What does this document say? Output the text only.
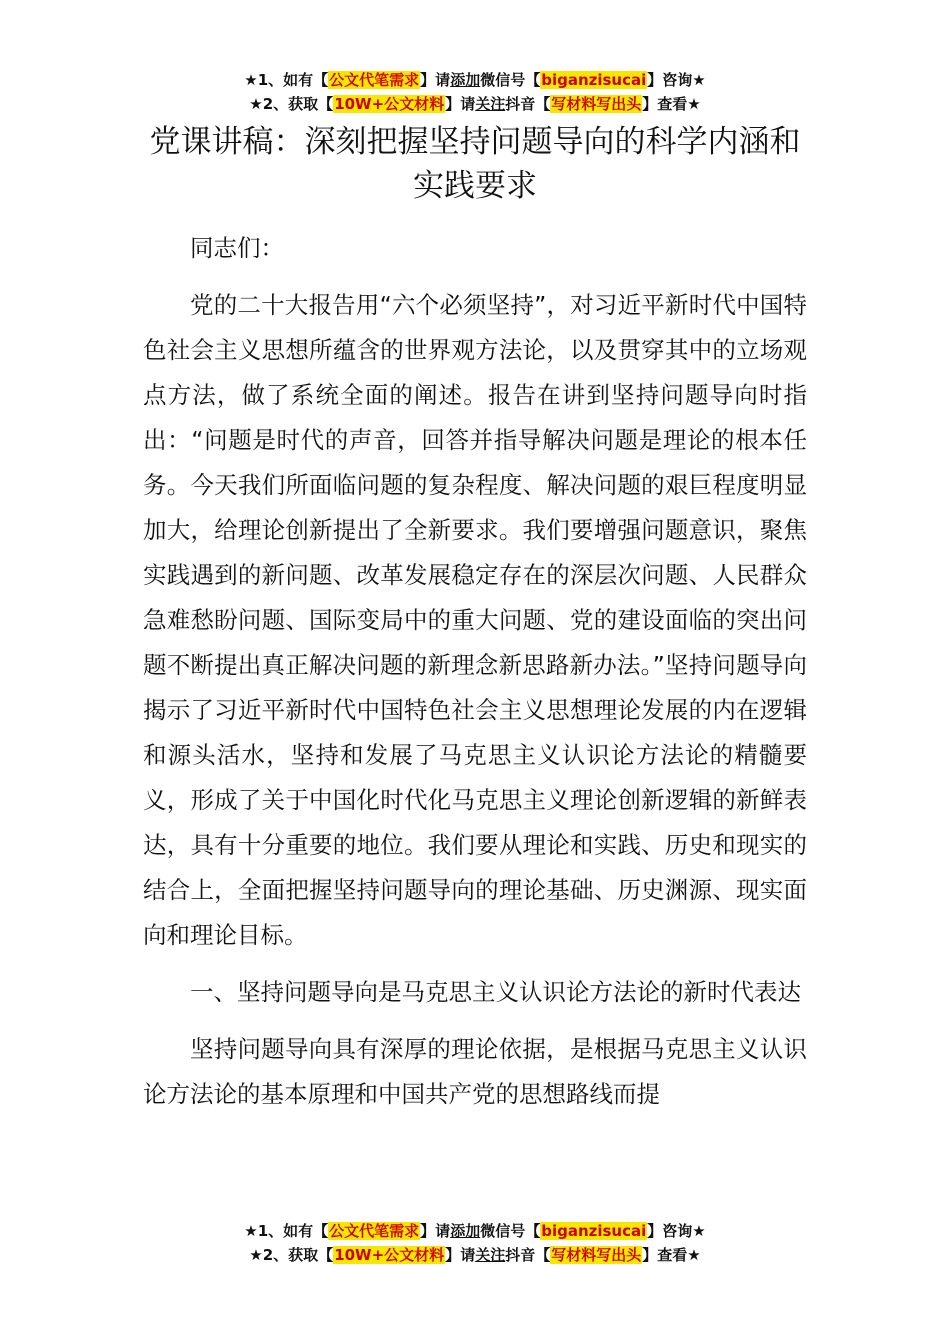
★1、如有【公文代笔需求】请添加微信号【biganzisucai】咨询★
★2、获取【10W+公文材料】请关注抖音【写材料写出头】查看★
党课讲稿：深刻把握坚持问题导向的科学内涵和实践要求

同志们：

党的二十大报告用“六个必须坚持”，对习近平新时代中国特色社会主义思想所蕴含的世界观方法论，以及贯穿其中的立场观点方法，做了系统全面的阐述。报告在讲到坚持问题导向时指出：“问题是时代的声音，回答并指导解决问题是理论的根本任务。今天我们所面临问题的复杂程度、解决问题的艰巨程度明显加大，给理论创新提出了全新要求。我们要增强问题意识，聚焦实践遇到的新问题、改革发展稳定存在的深层次问题、人民群众急难愁盼问题、国际变局中的重大问题、党的建设面临的突出问题不断提出真正解决问题的新理念新思路新办法。”坚持问题导向揭示了习近平新时代中国特色社会主义思想理论发展的内在逻辑和源头活水，坚持和发展了马克思主义认识论方法论的精髓要义，形成了关于中国化时代化马克思主义理论创新逻辑的新鲜表达，具有十分重要的地位。我们要从理论和实践、历史和现实的结合上，全面把握坚持问题导向的理论基础、历史渊源、现实面向和理论目标。

一、坚持问题导向是马克思主义认识论方法论的新时代表达

坚持问题导向具有深厚的理论依据，是根据马克思主义认识论方法论的基本原理和中国共产党的思想路线而提

★1、如有【公文代笔需求】请添加微信号【biganzisucai】咨询★
★2、获取【10W+公文材料】请关注抖音【写材料写出头】查看★
